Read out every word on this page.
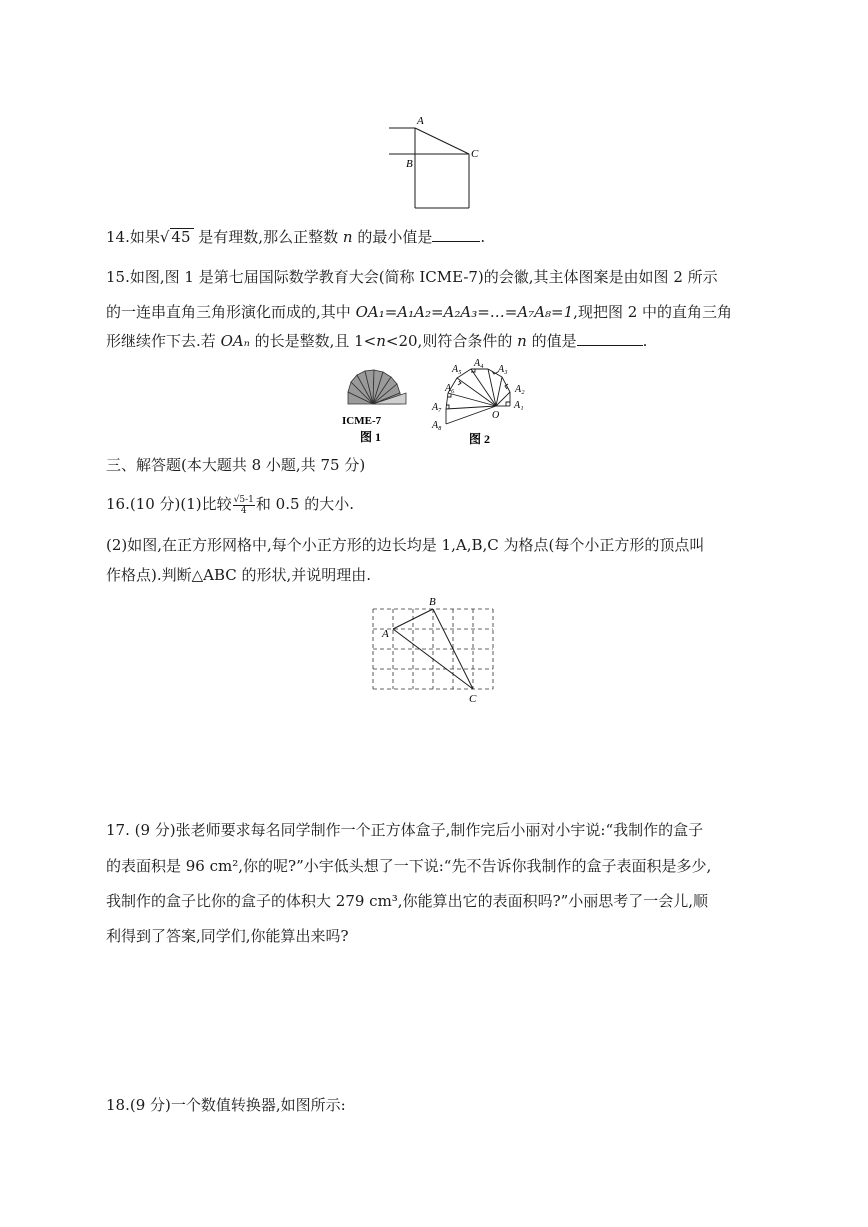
A
B
C
14.如果√ 45 是有理数,那么正整数 n 的最小值是	.
15.如图,图 1 是第七届国际数学教育大会(简称 ICME-7)的会徽,其主体图案是由如图 2 所示
的一连串直角三角形演化而成的,其中 OA₁=A₁A₂=A₂A₃=…=A₇A₈=1,现把图 2 中的直角三角
形继续作下去.若 OAₙ 的长是整数,且 1<n<20,则符合条件的 n 的值是	.
ICME-7
图 1
A₁
A₂
A₃
A₄
A₅
A₆
A₇
A₈
O
图 2
三、解答题(本大题共 8 小题,共 75 分)
16.(10 分)(1)比较 $\frac{√5-1}{4}$ 和 0.5 的大小.
(2)如图,在正方形网格中,每个小正方形的边长均是 1,A,B,C 为格点(每个小正方形的顶点叫
作格点).判断△ABC 的形状,并说明理由.
A
B
C
17. (9 分)张老师要求每名同学制作一个正方体盒子,制作完后小丽对小宇说:“我制作的盒子
的表面积是 96 cm²,你的呢?”小宇低头想了一下说:“先不告诉你我制作的盒子表面积是多少,
我制作的盒子比你的盒子的体积大 279 cm³,你能算出它的表面积吗?”小丽思考了一会儿,顺
利得到了答案,同学们,你能算出来吗?
18.(9 分)一个数值转换器,如图所示:
